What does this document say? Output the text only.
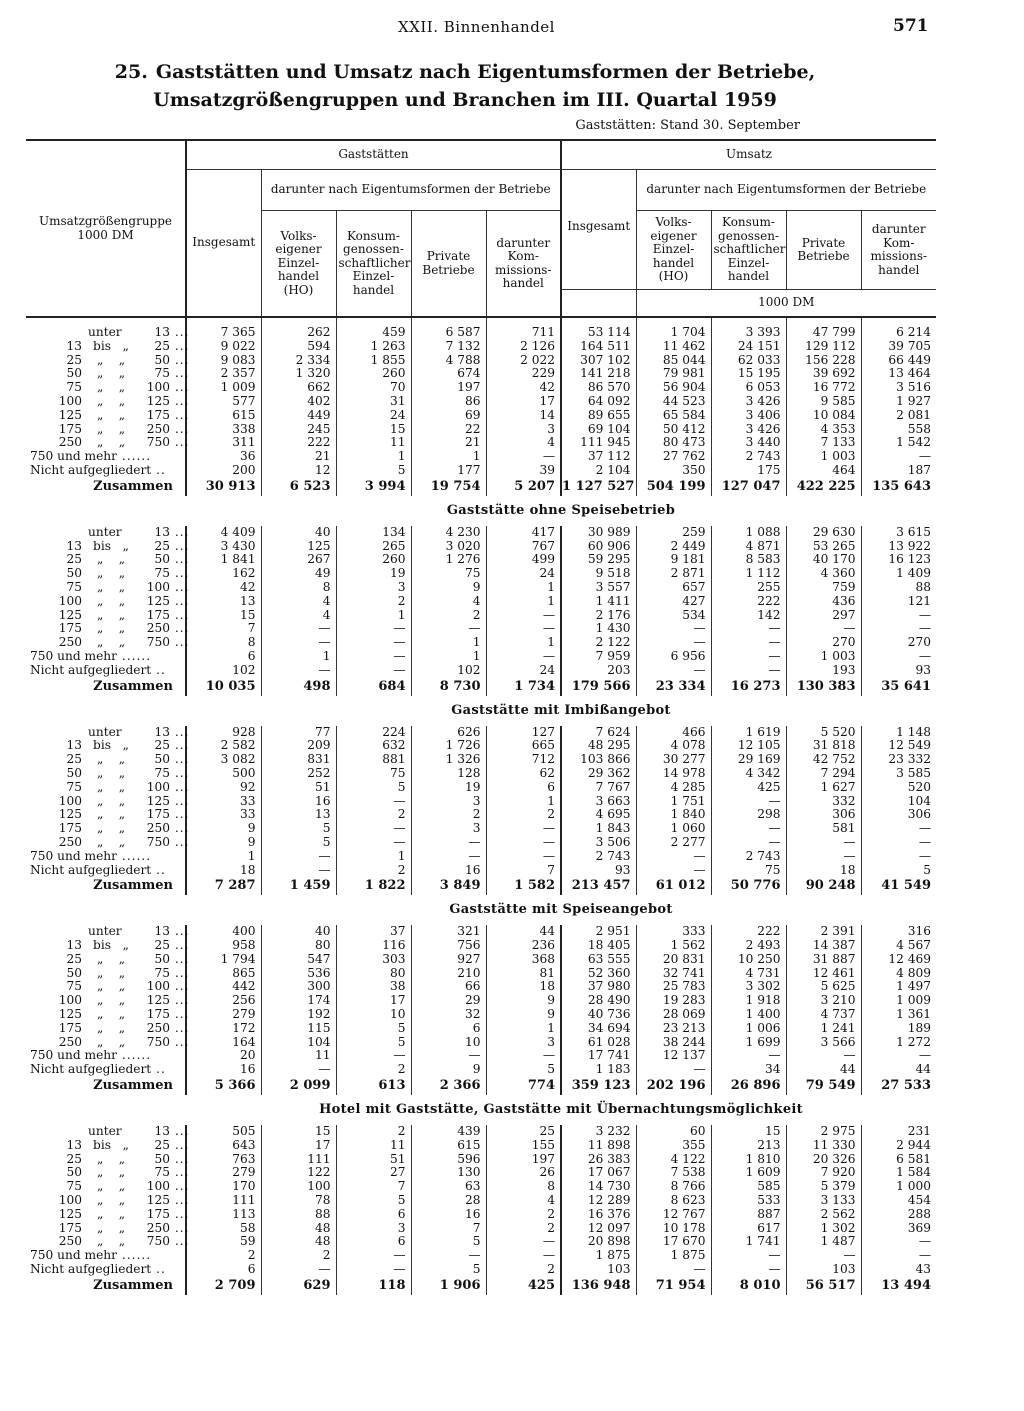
XXII. Binnenhandel	571
25. Gaststätten und Umsatz nach Eigentumsformen der Betriebe,
Umsatzgrößengruppen und Branchen im III. Quartal 1959
Gaststätten: Stand 30. September
Umsatzgrößengruppe
1000 DM	Gaststätten					Umsatz				
	Insgesamt	darunter nach Eigentumsformen der Betriebe				Insgesamt	darunter nach Eigentumsformen der Betriebe			
		Volks-
eigener
Einzel-
handel
(HO)	Konsum-
genossen-
schaftlicher
Einzel-
handel	Private
Betriebe	darunter
Kom-
missions-
handel		Volks-
eigener
Einzel-
handel
(HO)	Konsum-
genossen-
schaftlicher
Einzel-
handel	Private
Betriebe	darunter
Kom-
missions-
handel
							1000 DM			

unter 13 ...	7 365	262	459	6 587	711	53 114	1 704	3 393	47 799	6 214
13 bis   „ 25 ...	9 022	594	1 263	7 132	2 126	164 511	11 462	24 151	129 112	39 705
25 „    „ 50 ...	9 083	2 334	1 855	4 788	2 022	307 102	85 044	62 033	156 228	66 449
50 „    „ 75 ...	2 357	1 320	260	674	229	141 218	79 981	15 195	39 692	13 464
75 „    „ 100 ...	1 009	662	70	197	42	86 570	56 904	6 053	16 772	3 516
100 „    „ 125 ...	577	402	31	86	17	64 092	44 523	3 426	9 585	1 927
125 „    „ 175 ...	615	449	24	69	14	89 655	65 584	3 406	10 084	2 081
175 „    „ 250 ...	338	245	15	22	3	69 104	50 412	3 426	4 353	558
250 „    „ 750 ...	311	222	11	21	4	111 945	80 473	3 440	7 133	1 542
750 und mehr ......	36	21	1	1	—	37 112	27 762	2 743	1 003	—
Nicht aufgegliedert ..	200	12	5	177	39	2 104	350	175	464	187
Zusammen	30 913	6 523	3 994	19 754	5 207	1 127 527	504 199	127 047	422 225	135 643
	Gaststätte ohne Speisebetrieb									
unter 13 ...	4 409	40	134	4 230	417	30 989	259	1 088	29 630	3 615
13 bis   „ 25 ...	3 430	125	265	3 020	767	60 906	2 449	4 871	53 265	13 922
25 „    „ 50 ...	1 841	267	260	1 276	499	59 295	9 181	8 583	40 170	16 123
50 „    „ 75 ...	162	49	19	75	24	9 518	2 871	1 112	4 360	1 409
75 „    „ 100 ...	42	8	3	9	1	3 557	657	255	759	88
100 „    „ 125 ...	13	4	2	4	1	1 411	427	222	436	121
125 „    „ 175 ...	15	4	1	2	—	2 176	534	142	297	—
175 „    „ 250 ...	7	—	—	—	—	1 430	—	—	—	—
250 „    „ 750 ...	8	—	—	1	1	2 122	—	—	270	270
750 und mehr ......	6	1	—	1	—	7 959	6 956	—	1 003	—
Nicht aufgegliedert ..	102	—	—	102	24	203	—	—	193	93
Zusammen	10 035	498	684	8 730	1 734	179 566	23 334	16 273	130 383	35 641
	Gaststätte mit Imbißangebot									
unter 13 ...	928	77	224	626	127	7 624	466	1 619	5 520	1 148
13 bis   „ 25 ...	2 582	209	632	1 726	665	48 295	4 078	12 105	31 818	12 549
25 „    „ 50 ...	3 082	831	881	1 326	712	103 866	30 277	29 169	42 752	23 332
50 „    „ 75 ...	500	252	75	128	62	29 362	14 978	4 342	7 294	3 585
75 „    „ 100 ...	92	51	5	19	6	7 767	4 285	425	1 627	520
100 „    „ 125 ...	33	16	—	3	1	3 663	1 751	—	332	104
125 „    „ 175 ...	33	13	2	2	2	4 695	1 840	298	306	306
175 „    „ 250 ...	9	5	—	3	—	1 843	1 060	—	581	—
250 „    „ 750 ...	9	5	—	—	—	3 506	2 277	—	—	—
750 und mehr ......	1	—	1	—	—	2 743	—	2 743	—	—
Nicht aufgegliedert ..	18	—	2	16	7	93	—	75	18	5
Zusammen	7 287	1 459	1 822	3 849	1 582	213 457	61 012	50 776	90 248	41 549
	Gaststätte mit Speiseangebot									
unter 13 ...	400	40	37	321	44	2 951	333	222	2 391	316
13 bis   „ 25 ...	958	80	116	756	236	18 405	1 562	2 493	14 387	4 567
25 „    „ 50 ...	1 794	547	303	927	368	63 555	20 831	10 250	31 887	12 469
50 „    „ 75 ...	865	536	80	210	81	52 360	32 741	4 731	12 461	4 809
75 „    „ 100 ...	442	300	38	66	18	37 980	25 783	3 302	5 625	1 497
100 „    „ 125 ...	256	174	17	29	9	28 490	19 283	1 918	3 210	1 009
125 „    „ 175 ...	279	192	10	32	9	40 736	28 069	1 400	4 737	1 361
175 „    „ 250 ...	172	115	5	6	1	34 694	23 213	1 006	1 241	189
250 „    „ 750 ...	164	104	5	10	3	61 028	38 244	1 699	3 566	1 272
750 und mehr ......	20	11	—	—	—	17 741	12 137	—	—	—
Nicht aufgegliedert ..	16	—	2	9	5	1 183	—	34	44	44
Zusammen	5 366	2 099	613	2 366	774	359 123	202 196	26 896	79 549	27 533
	Hotel mit Gaststätte, Gaststätte mit Übernachtungsmöglichkeit									
unter 13 ...	505	15	2	439	25	3 232	60	15	2 975	231
13 bis   „ 25 ...	643	17	11	615	155	11 898	355	213	11 330	2 944
25 „    „ 50 ...	763	111	51	596	197	26 383	4 122	1 810	20 326	6 581
50 „    „ 75 ...	279	122	27	130	26	17 067	7 538	1 609	7 920	1 584
75 „    „ 100 ...	170	100	7	63	8	14 730	8 766	585	5 379	1 000
100 „    „ 125 ...	111	78	5	28	4	12 289	8 623	533	3 133	454
125 „    „ 175 ...	113	88	6	16	2	16 376	12 767	887	2 562	288
175 „    „ 250 ...	58	48	3	7	2	12 097	10 178	617	1 302	369
250 „    „ 750 ...	59	48	6	5	—	20 898	17 670	1 741	1 487	—
750 und mehr ......	2	2	—	—	—	1 875	1 875	—	—	—
Nicht aufgegliedert ..	6	—	—	5	2	103	—	—	103	43
Zusammen	2 709	629	118	1 906	425	136 948	71 954	8 010	56 517	13 494
